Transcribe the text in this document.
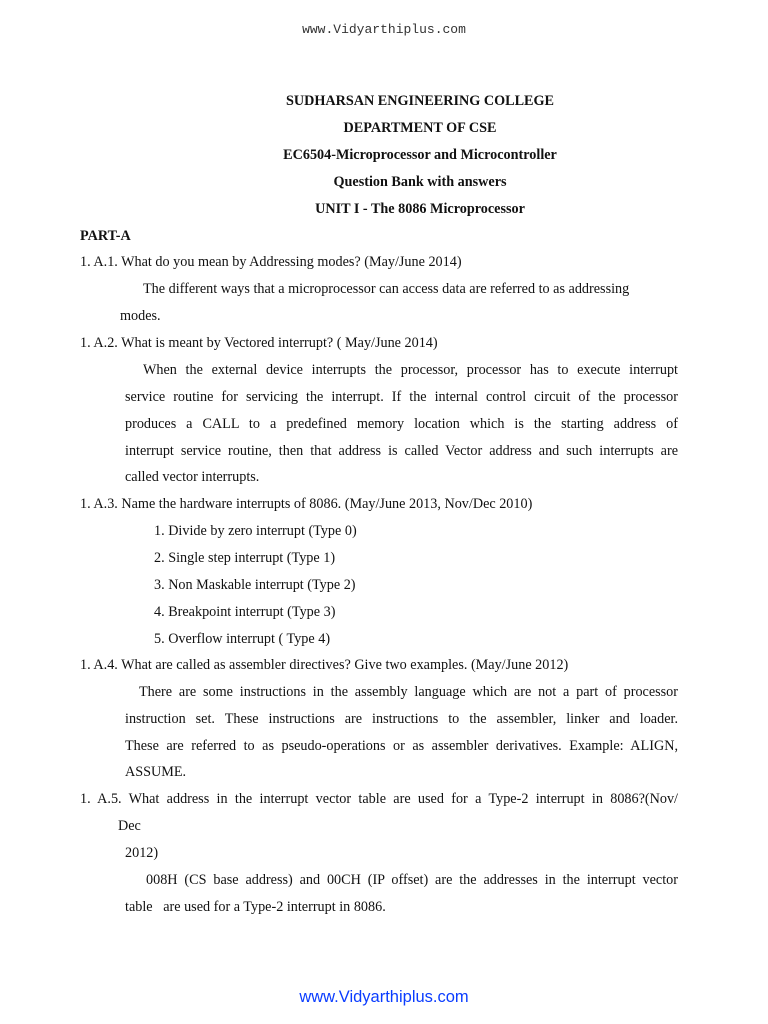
www.Vidyarthiplus.com
SUDHARSAN ENGINEERING COLLEGE
DEPARTMENT OF CSE
EC6504-Microprocessor and Microcontroller
Question Bank with answers
UNIT I - The 8086 Microprocessor
PART-A
1. A.1. What do you mean by Addressing modes? (May/June 2014)
The different ways that a microprocessor can access data are referred to as addressing
modes.
1. A.2. What is meant by Vectored interrupt? ( May/June 2014)
When the external device interrupts the processor, processor has to execute interrupt
service routine for servicing the interrupt. If the internal control circuit of the processor
produces a CALL to a predefined memory location which is the starting address of
interrupt service routine, then that address is called Vector address and such interrupts are
called vector interrupts.
1. A.3. Name the hardware interrupts of 8086. (May/June 2013, Nov/Dec 2010)
1. Divide by zero interrupt (Type 0)
2. Single step interrupt (Type 1)
3. Non Maskable interrupt (Type 2)
4. Breakpoint interrupt (Type 3)
5. Overflow interrupt ( Type 4)
1. A.4. What are called as assembler directives? Give two examples. (May/June 2012)
There are some instructions in the assembly language which are not a part of processor
instruction set. These instructions are instructions to the assembler, linker and loader.
These are referred to as pseudo-operations or as assembler derivatives. Example: ALIGN,
ASSUME.
1. A.5. What address in the interrupt vector table are used for a Type-2 interrupt in 8086?(Nov/
Dec
2012)
008H (CS base address) and 00CH (IP offset) are the addresses in the interrupt vector
table   are used for a Type-2 interrupt in 8086.
www.Vidyarthiplus.com
